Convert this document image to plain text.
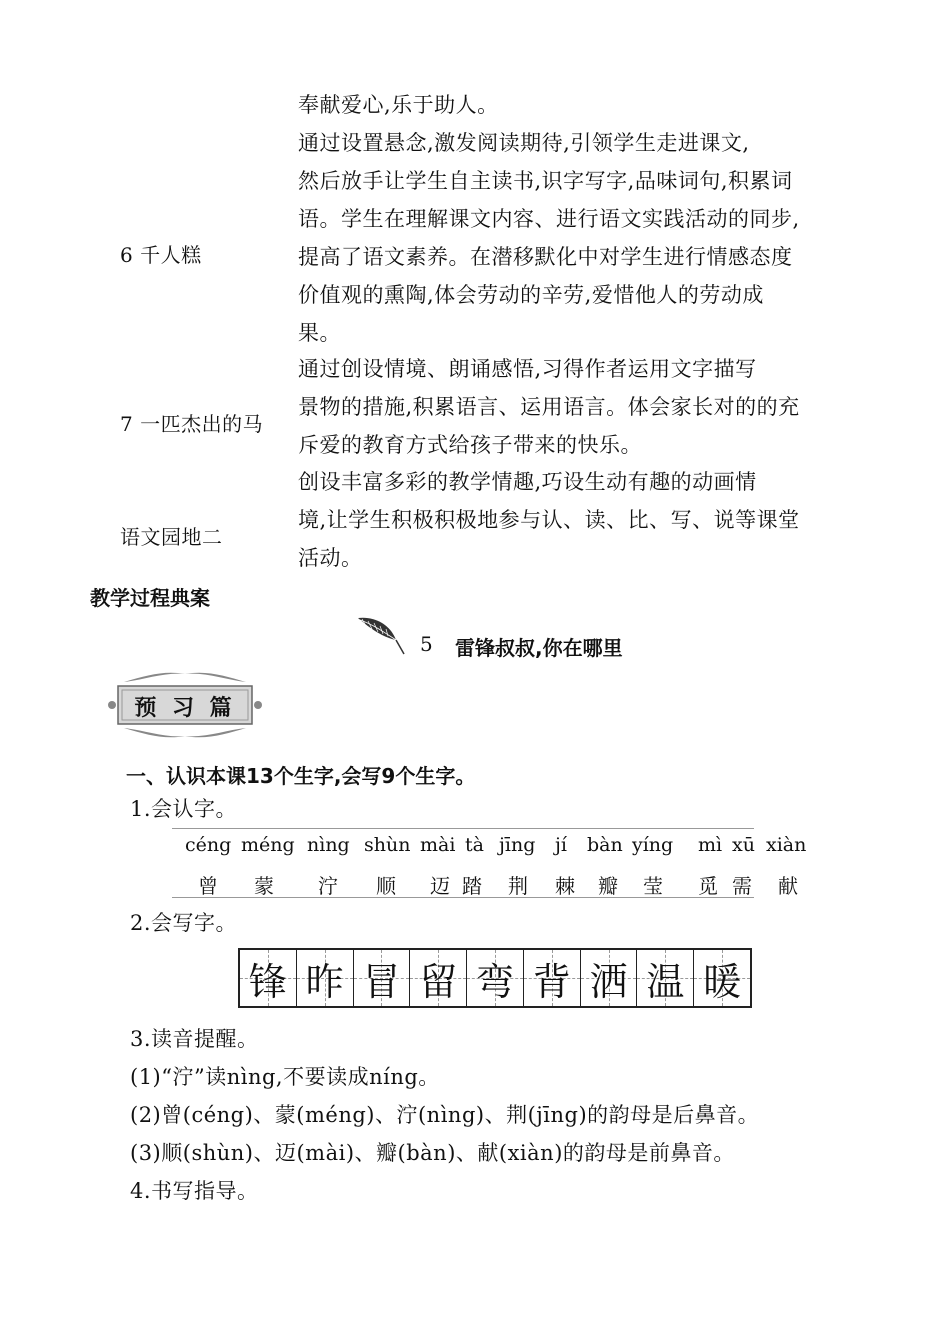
奉献爱心,乐于助人。
6 千人糕
通过设置悬念,激发阅读期待,引领学生走进课文,
然后放手让学生自主读书,识字写字,品味词句,积累词
语。学生在理解课文内容、进行语文实践活动的同步,
提高了语文素养。在潜移默化中对学生进行情感态度
价值观的熏陶,体会劳动的辛劳,爱惜他人的劳动成
果。
7 一匹杰出的马
通过创设情境、朗诵感悟,习得作者运用文字描写
景物的措施,积累语言、运用语言。体会家长对的的充
斥爱的教育方式给孩子带来的快乐。
语文园地二
创设丰富多彩的教学情趣,巧设生动有趣的动画情
境,让学生积极积极地参与认、读、比、写、说等课堂
活动。
教学过程典案
5 雷锋叔叔,你在哪里
预 习 篇
一、认识本课13个生字,会写9个生字。
1.会认字。
céng méng nìng shùn mài tà jīng jí bàn yíng mì xū xiàn
曾 蒙 泞 顺 迈 踏 荆 棘 瓣 莹 觅 需 献
2.会写字。
锋 昨 冒 留 弯 背 洒 温 暖
3.读音提醒。
(1)“泞”读nìng,不要读成níng。
(2)曾(céng)、蒙(méng)、泞(nìng)、荆(jīng)的韵母是后鼻音。
(3)顺(shùn)、迈(mài)、瓣(bàn)、献(xiàn)的韵母是前鼻音。
4.书写指导。
